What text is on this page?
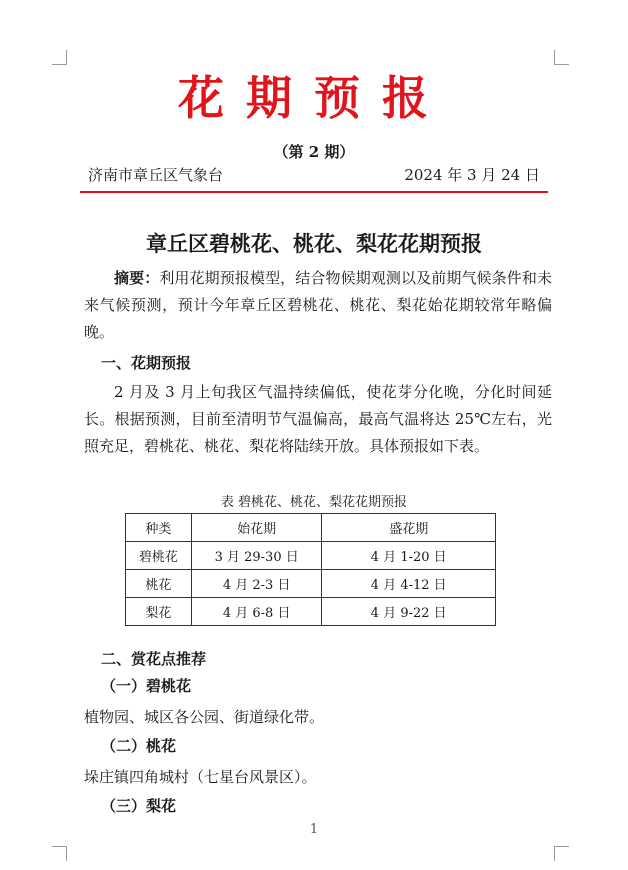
花期预报
（第 2 期）
济南市章丘区气象台	2024 年 3 月 24 日
章丘区碧桃花、桃花、梨花花期预报
摘要：利用花期预报模型，结合物候期观测以及前期气候条件和未来气候预测，预计今年章丘区碧桃花、桃花、梨花始花期较常年略偏晚。
一、花期预报
2 月及 3 月上旬我区气温持续偏低，使花芽分化晚，分化时间延长。根据预测，目前至清明节气温偏高，最高气温将达 25℃左右，光照充足，碧桃花、桃花、梨花将陆续开放。具体预报如下表。
表 碧桃花、桃花、梨花花期预报
种类	始花期	盛花期
碧桃花	3 月 29-30 日	4 月 1-20 日
桃花	4 月 2-3 日	4 月 4-12 日
梨花	4 月 6-8 日	4 月 9-22 日
二、赏花点推荐
（一）碧桃花
植物园、城区各公园、街道绿化带。
（二）桃花
垛庄镇四角城村（七星台风景区）。
（三）梨花
1
